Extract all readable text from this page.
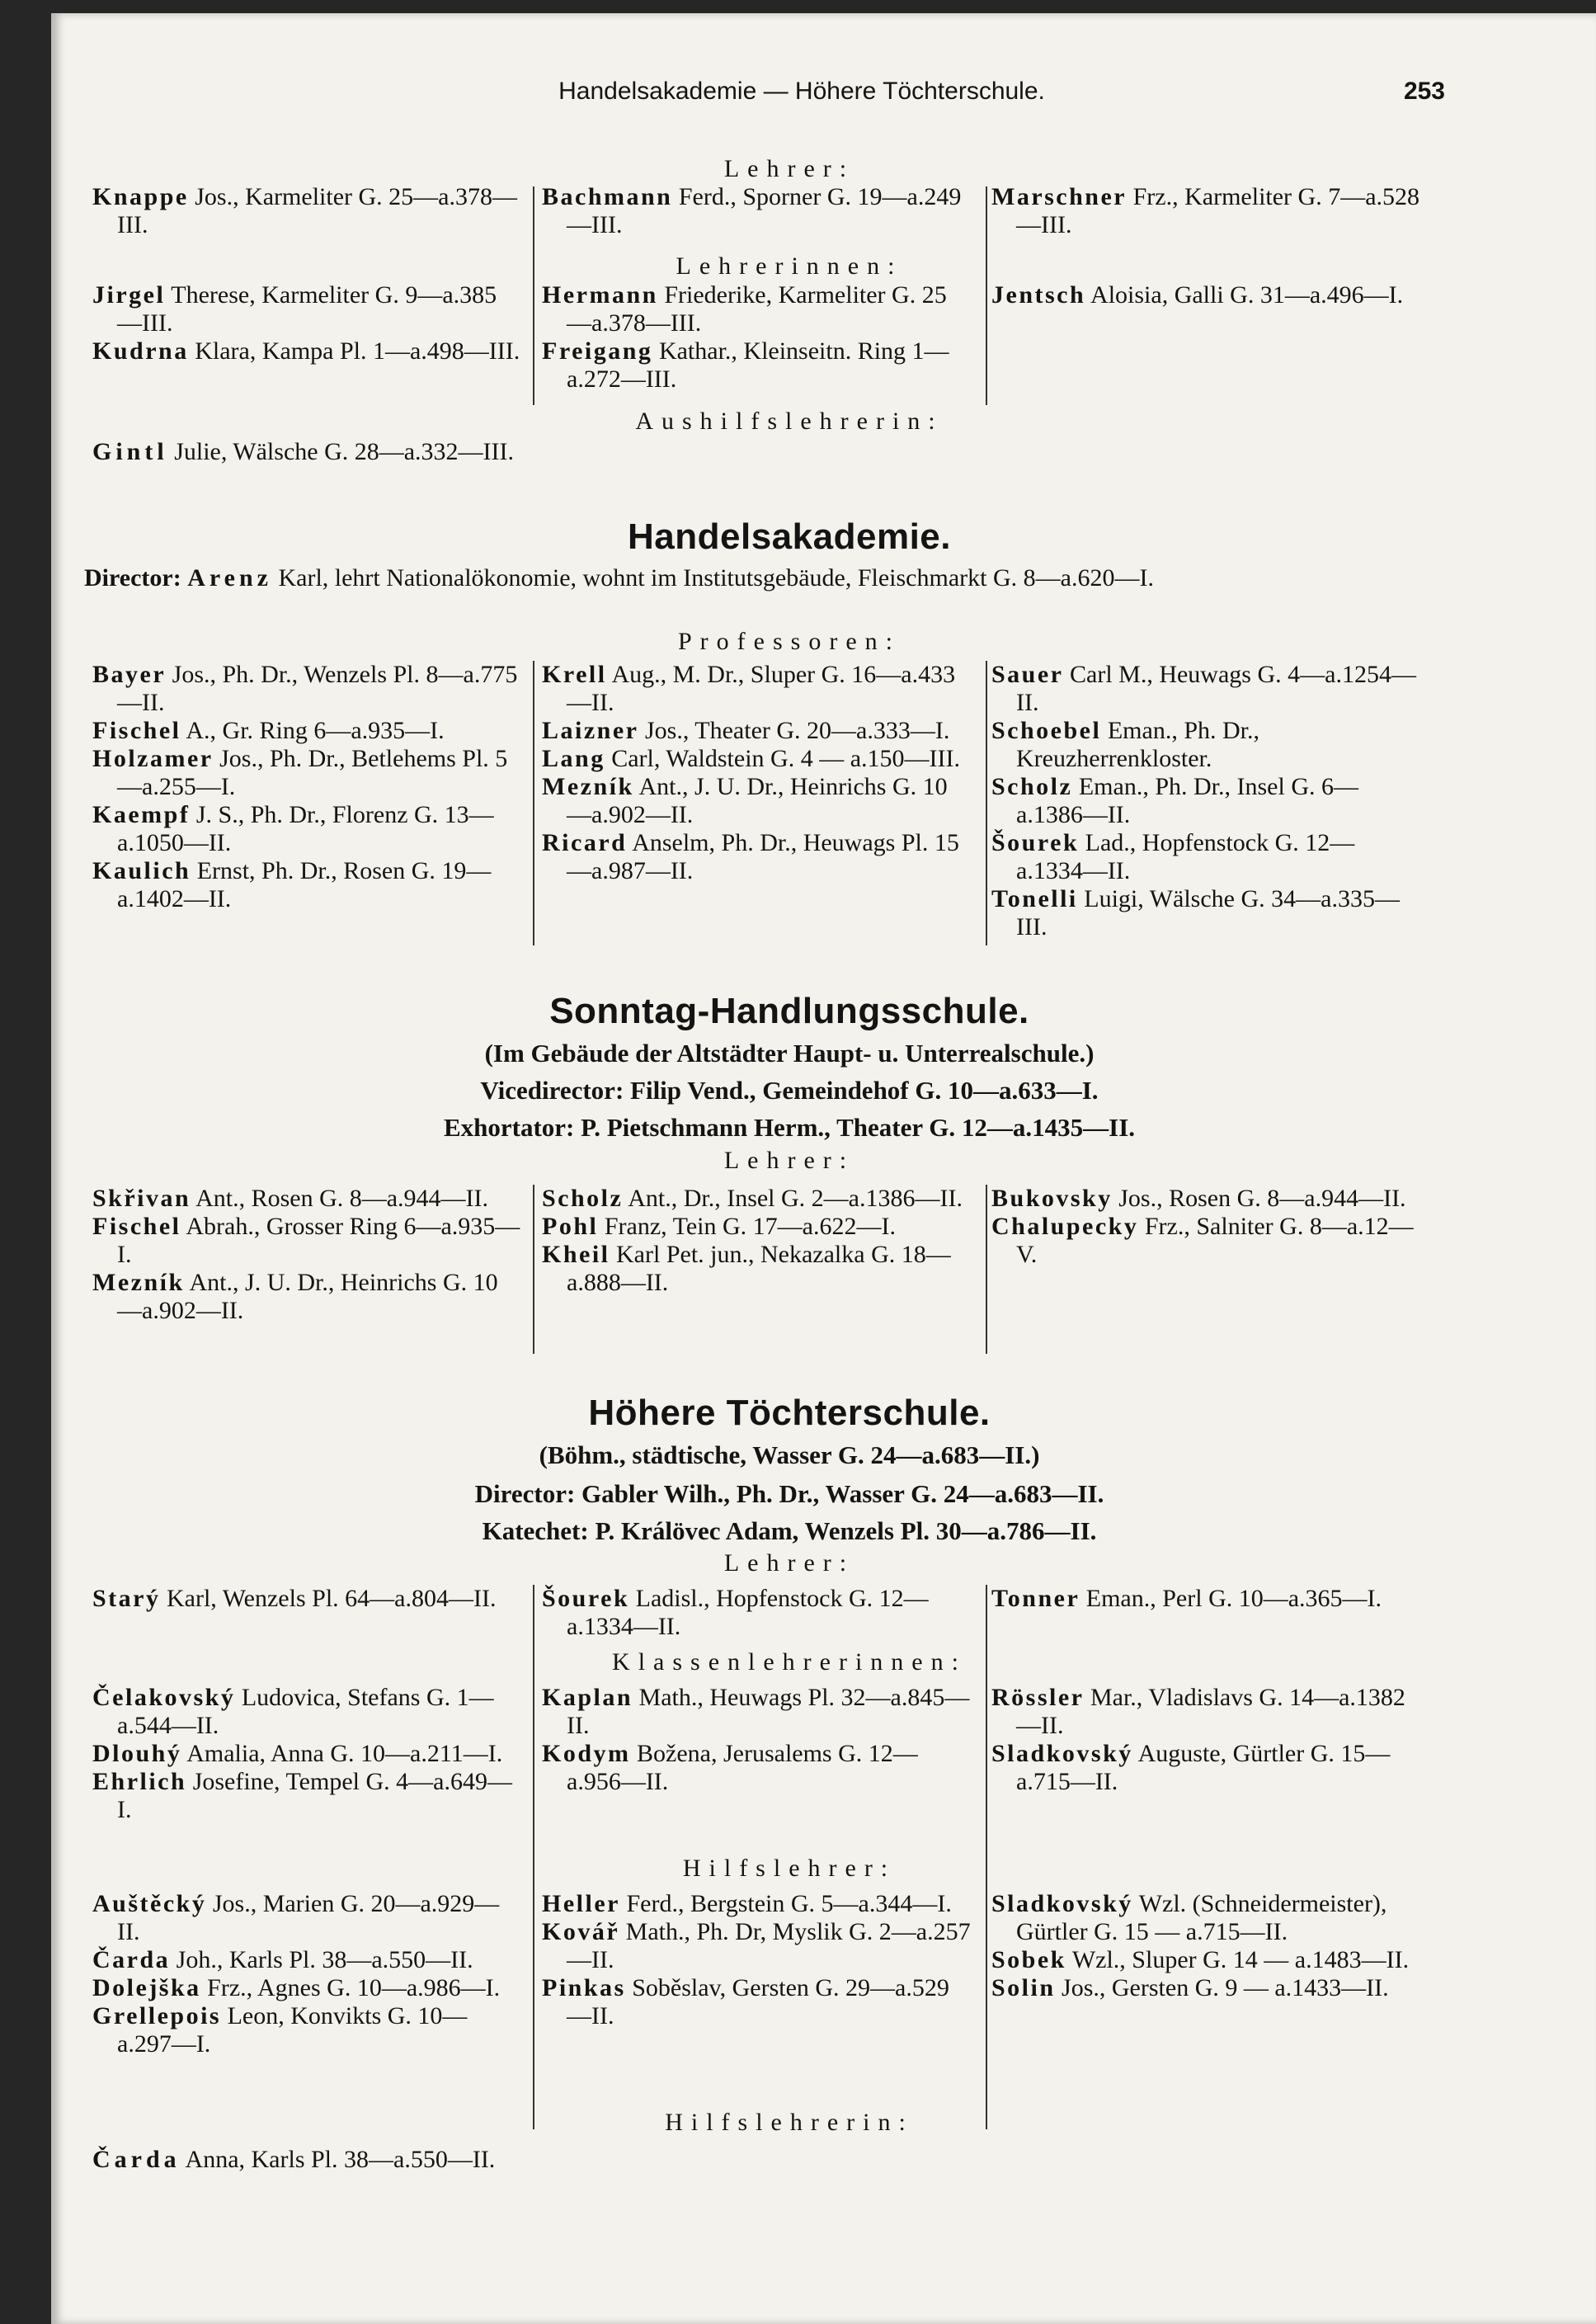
Handelsakademie — Höhere Töchterschule.	253
Lehrer:

Knappe Jos., Karmeliter G. 25—a.378—III.

Bachmann Ferd., Sporner G. 19—a.249—III.

Marschner Frz., Karmeliter G. 7—a.528—III.

Lehrerinnen:

Jirgel Therese, Karmeliter G. 9—a.385—III.

Kudrna Klara, Kampa Pl. 1—a.498—III.

Hermann Friederike, Karmeliter G. 25—a.378—III.

Freigang Kathar., Kleinseitn. Ring 1—a.272—III.

Jentsch Aloisia, Galli G. 31—a.496—I.

Aushilfslehrerin:
Gintl Julie, Wälsche G. 28—a.332—III.
Handelsakademie.
Director: Arenz Karl, lehrt Nationalökonomie, wohnt im Institutsgebäude, Fleischmarkt G. 8—a.620—I.
Professoren:

Bayer Jos., Ph. Dr., Wenzels Pl. 8—a.775—II.

Fischel A., Gr. Ring 6—a.935—I.

Holzamer Jos., Ph. Dr., Betlehems Pl. 5—a.255—I.

Kaempf J. S., Ph. Dr., Florenz G. 13—a.1050—II.

Kaulich Ernst, Ph. Dr., Rosen G. 19—a.1402—II.

Krell Aug., M. Dr., Sluper G. 16—a.433—II.

Laizner Jos., Theater G. 20—a.333—I.

Lang Carl, Waldstein G. 4 — a.150—III.

Mezník Ant., J. U. Dr., Heinrichs G. 10—a.902—II.

Ricard Anselm, Ph. Dr., Heuwags Pl. 15—a.987—II.

Sauer Carl M., Heuwags G. 4—a.1254—II.

Schoebel Eman., Ph. Dr., Kreuzherrenkloster.

Scholz Eman., Ph. Dr., Insel G. 6—a.1386—II.

Šourek Lad., Hopfenstock G. 12—a.1334—II.

Tonelli Luigi, Wälsche G. 34—a.335—III.

Sonntag-Handlungsschule.
(Im Gebäude der Altstädter Haupt- u. Unterrealschule.)
Vicedirector: Filip Vend., Gemeindehof G. 10—a.633—I.
Exhortator: P. Pietschmann Herm., Theater G. 12—a.1435—II.
Lehrer:

Skřivan Ant., Rosen G. 8—a.944—II.

Fischel Abrah., Grosser Ring 6—a.935—I.

Mezník Ant., J. U. Dr., Heinrichs G. 10—a.902—II.

Scholz Ant., Dr., Insel G. 2—a.1386—II.

Pohl Franz, Tein G. 17—a.622—I.

Kheil Karl Pet. jun., Nekazalka G. 18—a.888—II.

Bukovsky Jos., Rosen G. 8—a.944—II.

Chalupecky Frz., Salniter G. 8—a.12—V.

Höhere Töchterschule.
(Böhm., städtische, Wasser G. 24—a.683—II.)
Director: Gabler Wilh., Ph. Dr., Wasser G. 24—a.683—II.
Katechet: P. Králövec Adam, Wenzels Pl. 30—a.786—II.
Lehrer:

Starý Karl, Wenzels Pl. 64—a.804—II.	Šourek Ladisl., Hopfenstock G. 12—a.1334—II.

Tonner Eman., Perl G. 10—a.365—I.

Klassenlehrerinnen:

Čelakovský Ludovica, Stefans G. 1—a.544—II.

Dlouhý Amalia, Anna G. 10—a.211—I.

Ehrlich Josefine, Tempel G. 4—a.649—I.

Kaplan Math., Heuwags Pl. 32—a.845—II.

Kodym Božena, Jerusalems G. 12—a.956—II.

Rössler Mar., Vladislavs G. 14—a.1382—II.

Sladkovský Auguste, Gürtler G. 15—a.715—II.

Hilfslehrer:

Auštěcký Jos., Marien G. 20—a.929—II.

Čarda Joh., Karls Pl. 38—a.550—II.

Dolejška Frz., Agnes G. 10—a.986—I.

Grellepois Leon, Konvikts G. 10—a.297—I.

Heller Ferd., Bergstein G. 5—a.344—I.

Kovář Math., Ph. Dr, Myslik G. 2—a.257—II.

Pinkas Soběslav, Gersten G. 29—a.529—II.

Sladkovský Wzl. (Schneidermeister), Gürtler G. 15 — a.715—II.

Sobek Wzl., Sluper G. 14 — a.1483—II.

Solin Jos., Gersten G. 9 — a.1433—II.

Hilfslehrerin:
Čarda Anna, Karls Pl. 38—a.550—II.
